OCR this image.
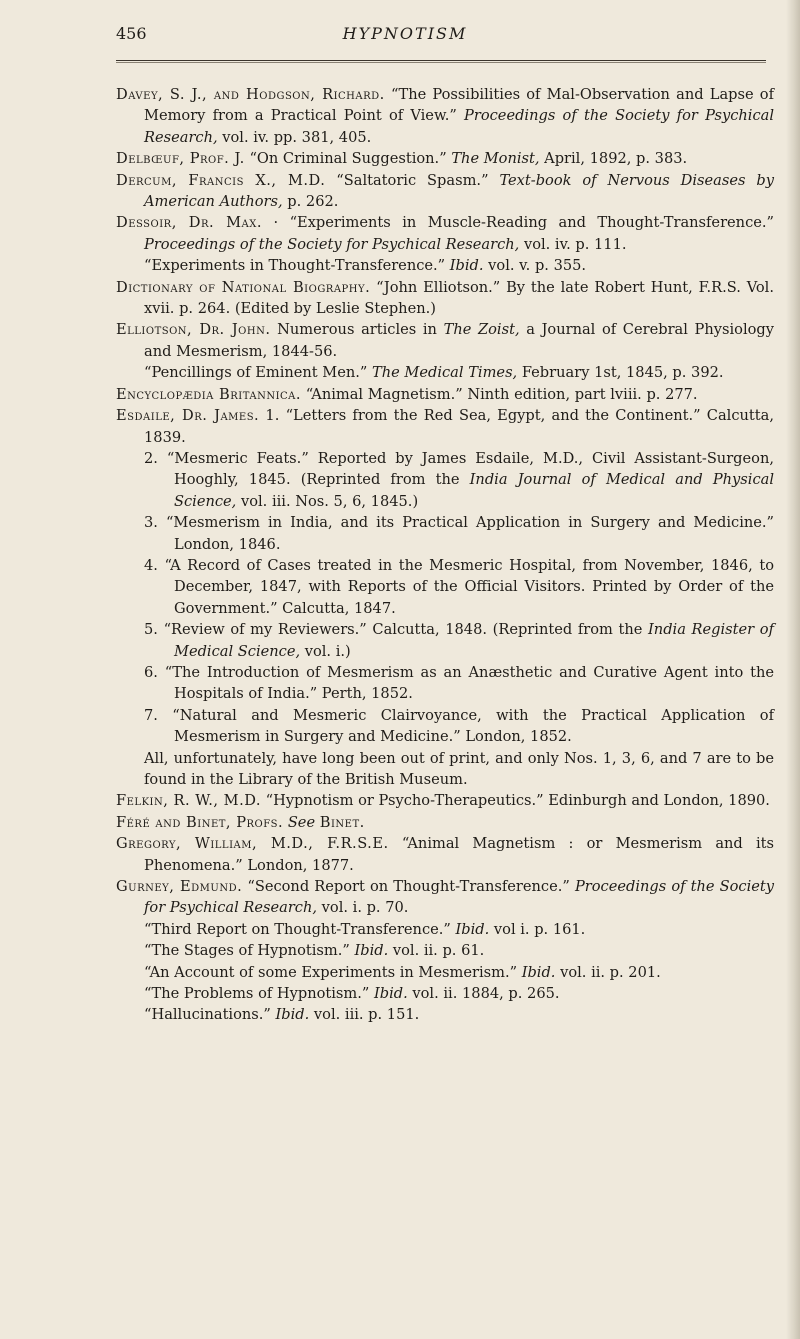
456	HYPNOTISM

Davey, S. J., and Hodgson, Richard. “The Possibilities of Mal-Observation and Lapse of Memory from a Practical Point of View.” Proceedings of the Society for Psychical Research, vol. iv. pp. 381, 405.

Delbœuf, Prof. J. “On Criminal Suggestion.” The Monist, April, 1892, p. 383.

Dercum, Francis X., M.D. “Saltatoric Spasm.” Text-book of Nervous Diseases by American Authors, p. 262.

Dessoir, Dr. Max. · “Experiments in Muscle-Reading and Thought-Transference.” Proceedings of the Society for Psychical Research, vol. iv. p. 111.

“Experiments in Thought-Transference.” Ibid. vol. v. p. 355.

Dictionary of National Biography. “John Elliotson.” By the late Robert Hunt, F.R.S. Vol. xvii. p. 264. (Edited by Leslie Stephen.)

Elliotson, Dr. John. Numerous articles in The Zoist, a Journal of Cerebral Physiology and Mesmerism, 1844-56.

“Pencillings of Eminent Men.” The Medical Times, February 1st, 1845, p. 392.

Encyclopædia Britannica. “Animal Magnetism.” Ninth edition, part lviii. p. 277.

Esdaile, Dr. James. 1. “Letters from the Red Sea, Egypt, and the Continent.” Calcutta, 1839.

2. “Mesmeric Feats.” Reported by James Esdaile, M.D., Civil Assistant-Surgeon, Hooghly, 1845. (Reprinted from the India Journal of Medical and Physical Science, vol. iii. Nos. 5, 6, 1845.)

3. “Mesmerism in India, and its Practical Application in Surgery and Medicine.” London, 1846.

4. “A Record of Cases treated in the Mesmeric Hospital, from November, 1846, to December, 1847, with Reports of the Official Visitors. Printed by Order of the Government.” Calcutta, 1847.

5. “Review of my Reviewers.” Calcutta, 1848. (Reprinted from the India Register of Medical Science, vol. i.)

6. “The Introduction of Mesmerism as an Anæsthetic and Curative Agent into the Hospitals of India.” Perth, 1852.

7. “Natural and Mesmeric Clairvoyance, with the Practical Application of Mesmerism in Surgery and Medicine.” London, 1852.

All, unfortunately, have long been out of print, and only Nos. 1, 3, 6, and 7 are to be found in the Library of the British Museum.

Felkin, R. W., M.D. “Hypnotism or Psycho-Therapeutics.” Edinburgh and London, 1890.

Féré and Binet, Profs. See Binet.

Gregory, William, M.D., F.R.S.E. “Animal Magnetism : or Mesmerism and its Phenomena.” London, 1877.

Gurney, Edmund. “Second Report on Thought-Transference.” Proceedings of the Society for Psychical Research, vol. i. p. 70.

“Third Report on Thought-Transference.” Ibid. vol i. p. 161.

“The Stages of Hypnotism.” Ibid. vol. ii. p. 61.

“An Account of some Experiments in Mesmerism.” Ibid. vol. ii. p. 201.

“The Problems of Hypnotism.” Ibid. vol. ii. 1884, p. 265.

“Hallucinations.” Ibid. vol. iii. p. 151.
